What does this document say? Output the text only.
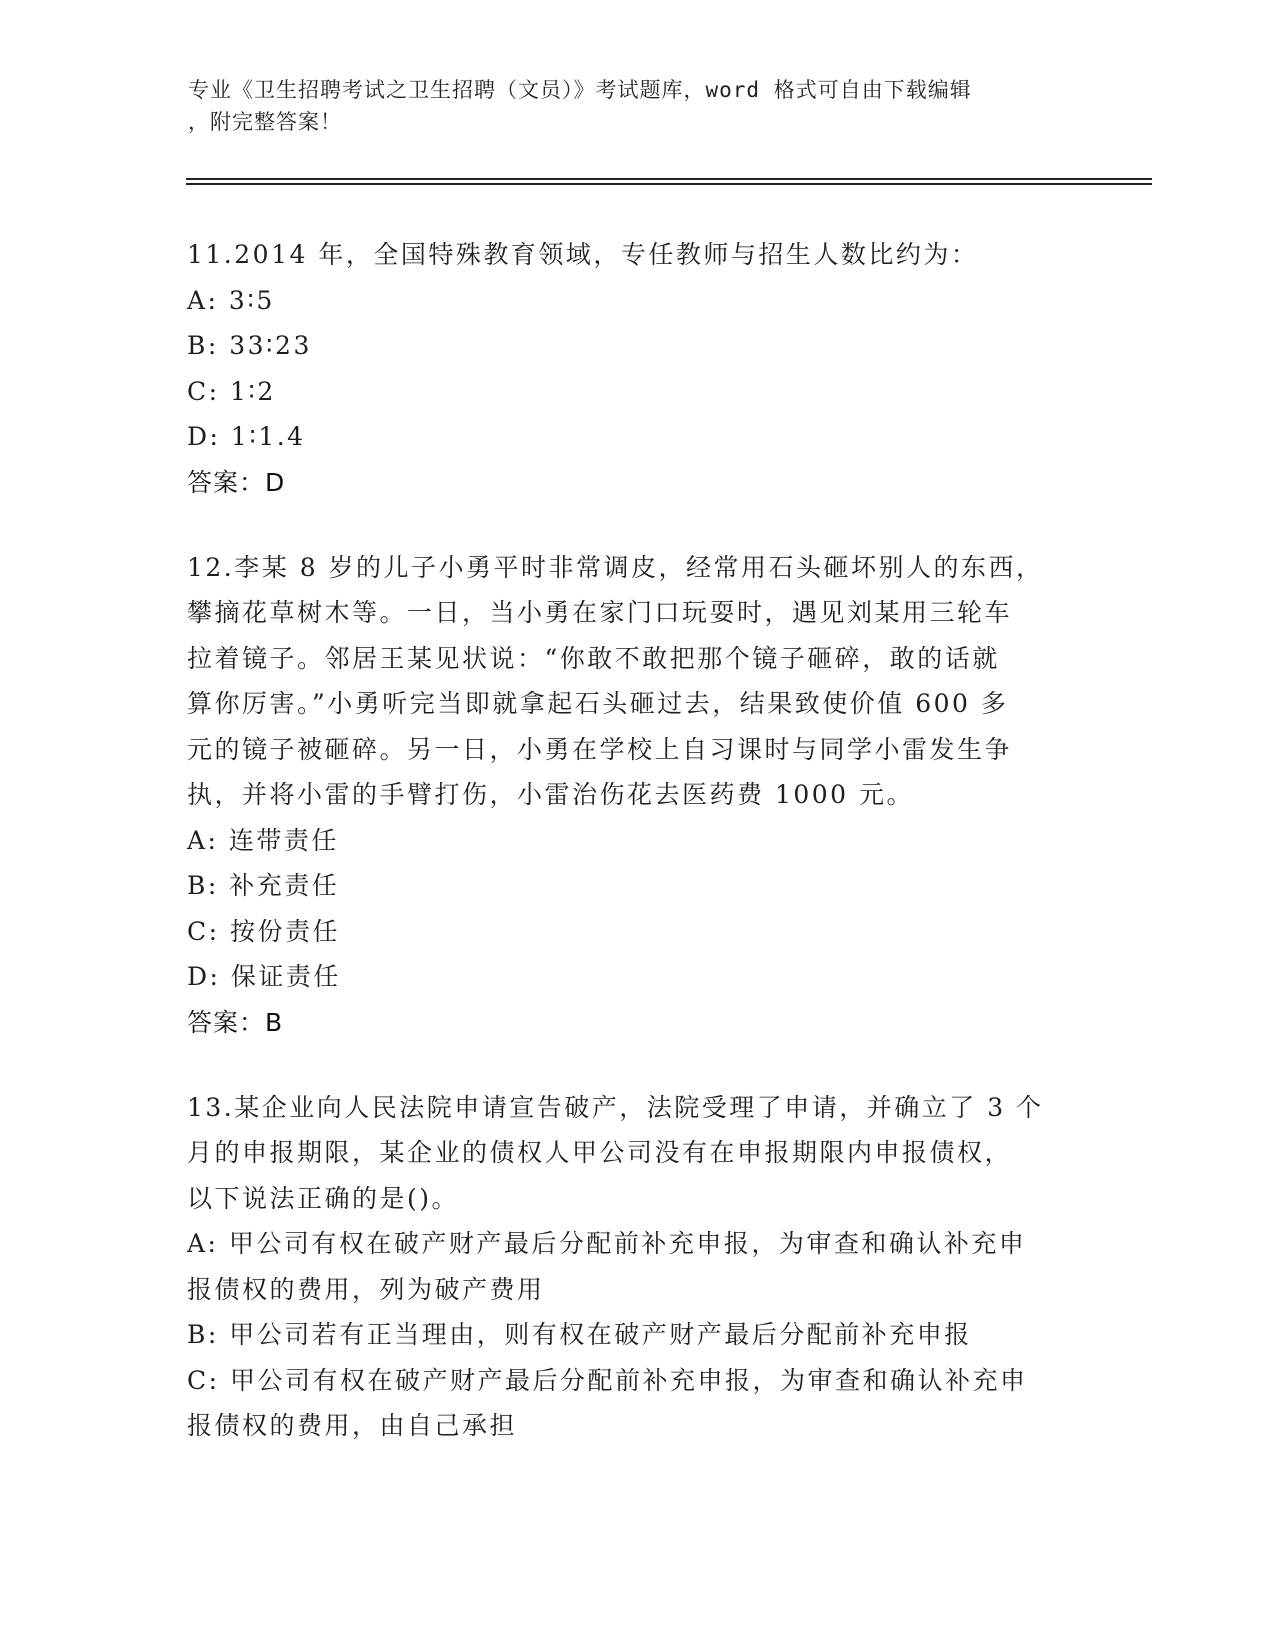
专业《卫生招聘考试之卫生招聘（文员）》考试题库，word 格式可自由下载编辑
，附完整答案！
11.2014 年，全国特殊教育领域，专任教师与招生人数比约为：
A: 3∶5
B: 33∶23
C: 1∶2
D: 1∶1.4
答案：D
12.李某 8 岁的儿子小勇平时非常调皮，经常用石头砸坏别人的东西，
攀摘花草树木等。一日，当小勇在家门口玩耍时，遇见刘某用三轮车
拉着镜子。邻居王某见状说：“你敢不敢把那个镜子砸碎，敢的话就
算你厉害。”小勇听完当即就拿起石头砸过去，结果致使价值 600 多
元的镜子被砸碎。另一日，小勇在学校上自习课时与同学小雷发生争
执，并将小雷的手臂打伤，小雷治伤花去医药费 1000 元。
A: 连带责任
B: 补充责任
C: 按份责任
D: 保证责任
答案：B
13.某企业向人民法院申请宣告破产，法院受理了申请，并确立了 3 个
月的申报期限，某企业的债权人甲公司没有在申报期限内申报债权，
以下说法正确的是()。
A: 甲公司有权在破产财产最后分配前补充申报，为审查和确认补充申
报债权的费用，列为破产费用
B: 甲公司若有正当理由，则有权在破产财产最后分配前补充申报
C: 甲公司有权在破产财产最后分配前补充申报，为审查和确认补充申
报债权的费用，由自己承担
